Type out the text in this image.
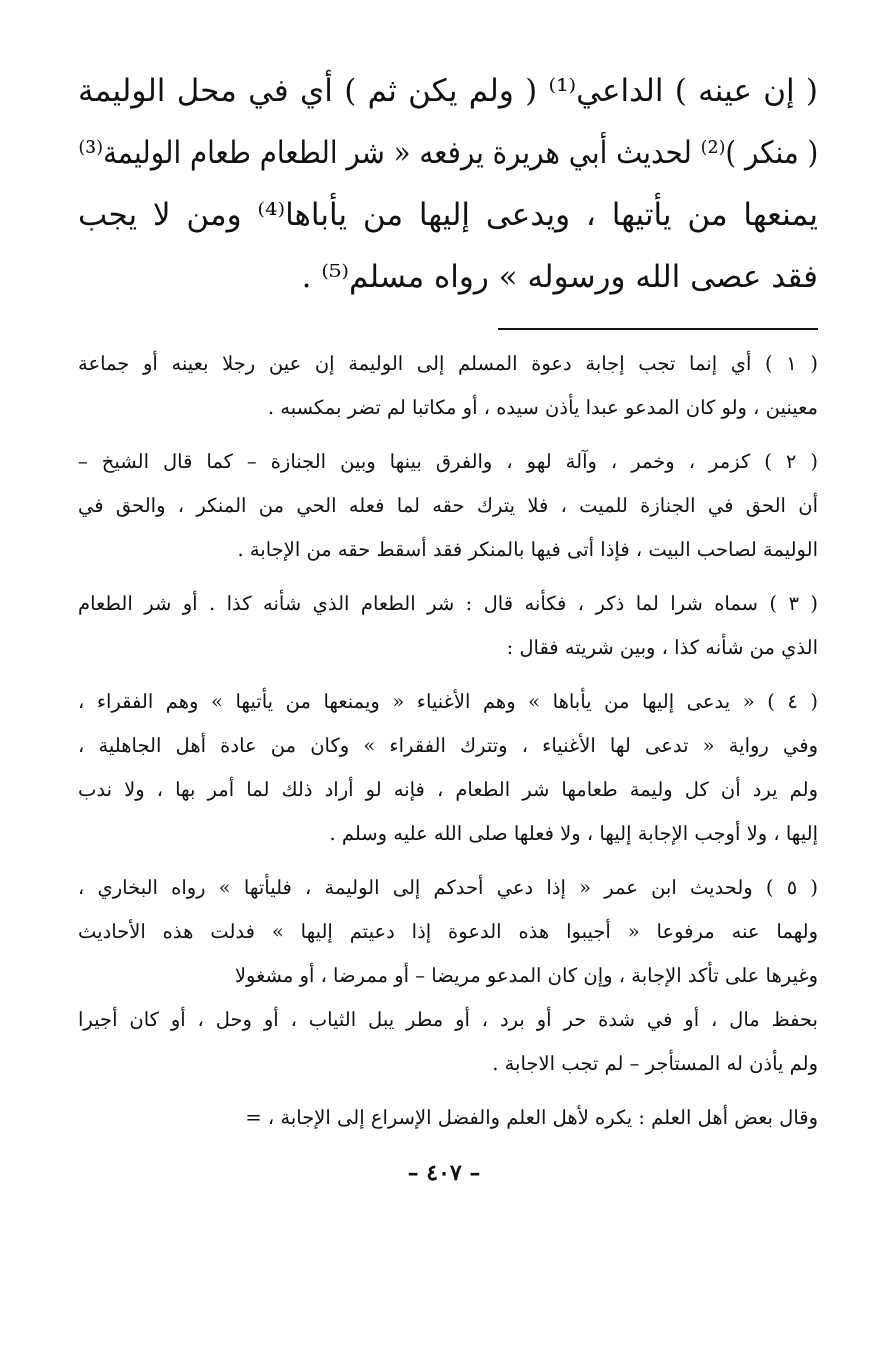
( إن عينه ) الداعي⁽¹⁾ ( ولم يكن ثم ) أي في محل الوليمة
( منكر )⁽²⁾ لحديث أبي هريرة يرفعه « شر الطعام طعام الوليمة⁽³⁾
يمنعها من يأتيها ، ويدعى إليها من يأباها⁽⁴⁾ ومن لا يجب
فقد عصى الله ورسوله » رواه مسلم⁽⁵⁾ .
( ١ ) أي إنما تجب إجابة دعوة المسلم إلى الوليمة إن عين رجلا بعينه أو جماعة
معينين ، ولو كان المدعو عبدا يأذن سيده ، أو مكاتبا لم تضر بمكسبه .
( ٢ ) كزمر ، وخمر ، وآلة لهو ، والفرق بينها وبين الجنازة – كما قال الشيخ –
أن الحق في الجنازة للميت ، فلا يترك حقه لما فعله الحي من المنكر ، والحق في
الوليمة لصاحب البيت ، فإذا أتى فيها بالمنكر فقد أسقط حقه من الإجابة .
( ٣ ) سماه شرا لما ذكر ، فكأنه قال : شر الطعام الذي شأنه كذا . أو شر الطعام
الذي من شأنه كذا ، وبين شريته فقال :
( ٤ ) « يدعى إليها من يأباها » وهم الأغنياء « ويمنعها من يأتيها » وهم الفقراء ،
وفي رواية « تدعى لها الأغنياء ، وتترك الفقراء » وكان من عادة أهل الجاهلية ،
ولم يرد أن كل وليمة طعامها شر الطعام ، فإنه لو أراد ذلك لما أمر بها ، ولا ندب
إليها ، ولا أوجب الإجابة إليها ، ولا فعلها صلى الله عليه وسلم .
( ٥ ) ولحديث ابن عمر « إذا دعي أحدكم إلى الوليمة ، فليأتها » رواه البخاري ،
ولهما عنه مرفوعا « أجيبوا هذه الدعوة إذا دعيتم إليها » فدلت هذه الأحاديث
وغيرها على تأكد الإجابة ، وإن كان المدعو مريضا – أو ممرضا ، أو مشغولا
بحفظ مال ، أو في شدة حر أو برد ، أو مطر يبل الثياب ، أو وحل ، أو كان أجيرا
ولم يأذن له المستأجر – لم تجب الاجابة .
وقال بعض أهل العلم : يكره لأهل العلم والفضل الإسراع إلى الإجابة ، =
– ٤٠٧ –
